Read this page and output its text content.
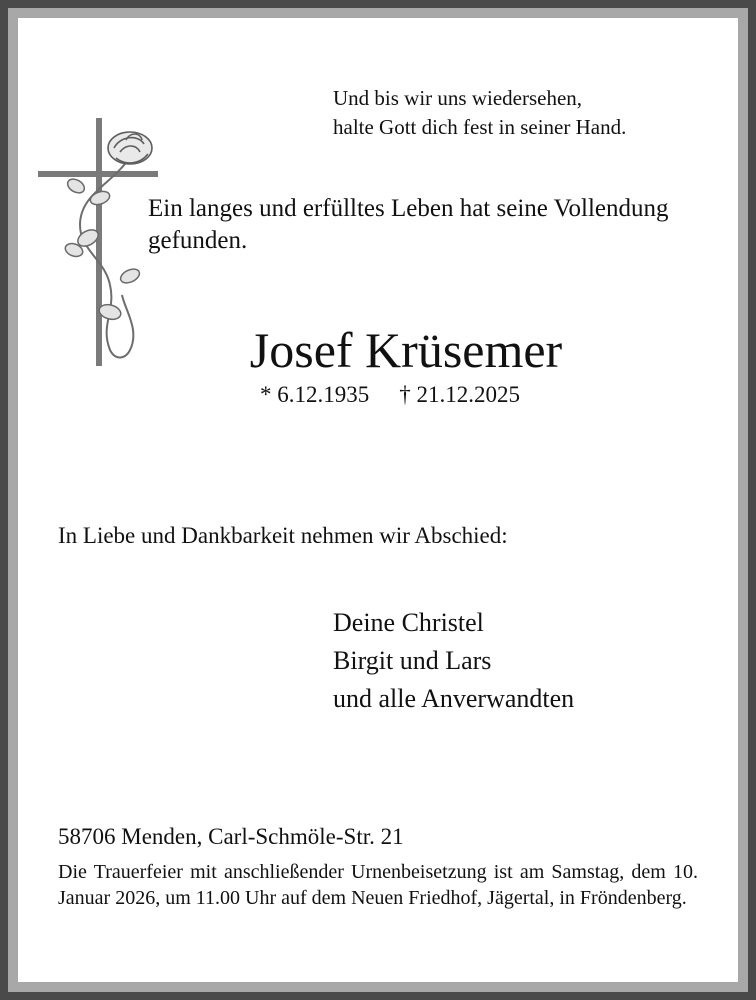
Und bis wir uns wiedersehen,
halte Gott dich fest in seiner Hand.
Ein langes und erfülltes Leben hat seine Vollendung
gefunden.
Josef Krüsemer
* 6.12.1935 † 21.12.2025
In Liebe und Dankbarkeit nehmen wir Abschied:
Deine Christel
Birgit und Lars
und alle Anverwandten
58706 Menden, Carl-Schmöle-Str. 21
Die Trauerfeier mit anschließender Urnenbeisetzung ist am Samstag, dem 10. Januar 2026, um 11.00 Uhr auf dem Neuen Friedhof, Jägertal, in Fröndenberg.
